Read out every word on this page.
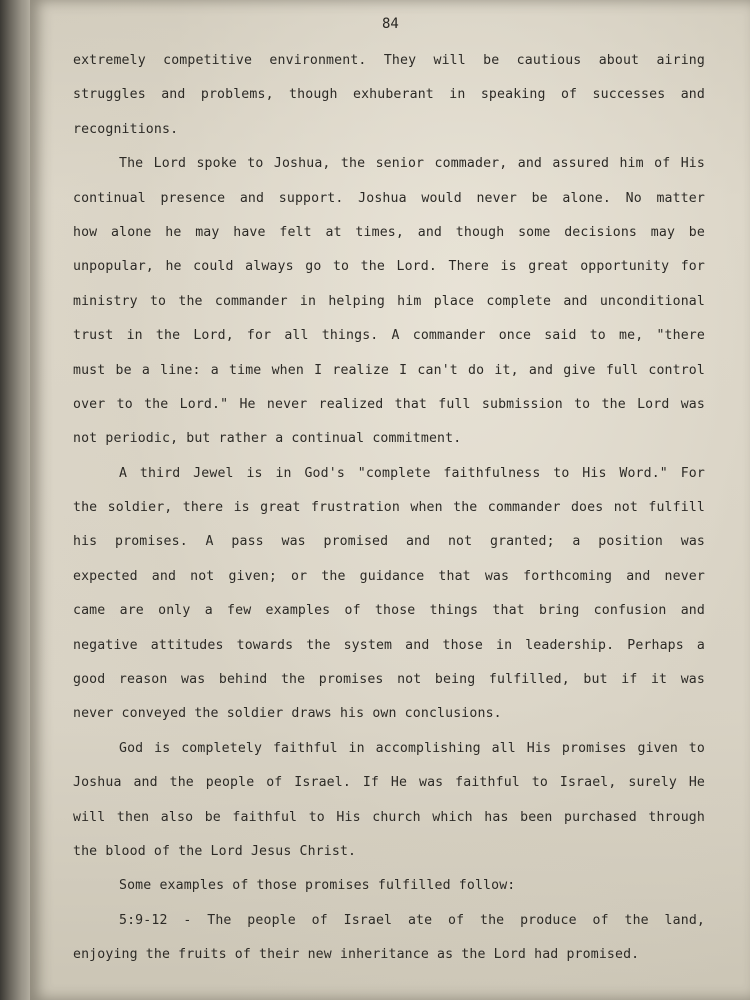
84
extremely competitive environment. They will be cautious about airing
struggles and problems, though exhuberant in speaking of successes and
recognitions.
The Lord spoke to Joshua, the senior commader, and assured him of His
continual presence and support. Joshua would never be alone. No matter
how alone he may have felt at times, and though some decisions may be
unpopular, he could always go to the Lord. There is great opportunity for
ministry to the commander in helping him place complete and unconditional
trust in the Lord, for all things. A commander once said to me, "there
must be a line: a time when I realize I can't do it, and give full control
over to the Lord." He never realized that full submission to the Lord was
not periodic, but rather a continual commitment.
A third Jewel is in God's "complete faithfulness to His Word." For
the soldier, there is great frustration when the commander does not fulfill
his promises. A pass was promised and not granted; a position was
expected and not given; or the guidance that was forthcoming and never
came are only a few examples of those things that bring confusion and
negative attitudes towards the system and those in leadership. Perhaps a
good reason was behind the promises not being fulfilled, but if it was
never conveyed the soldier draws his own conclusions.
God is completely faithful in accomplishing all His promises given to
Joshua and the people of Israel. If He was faithful to Israel, surely He
will then also be faithful to His church which has been purchased through
the blood of the Lord Jesus Christ.
Some examples of those promises fulfilled follow:
5:9-12 - The people of Israel ate of the produce of the land,
enjoying the fruits of their new inheritance as the Lord had promised.
